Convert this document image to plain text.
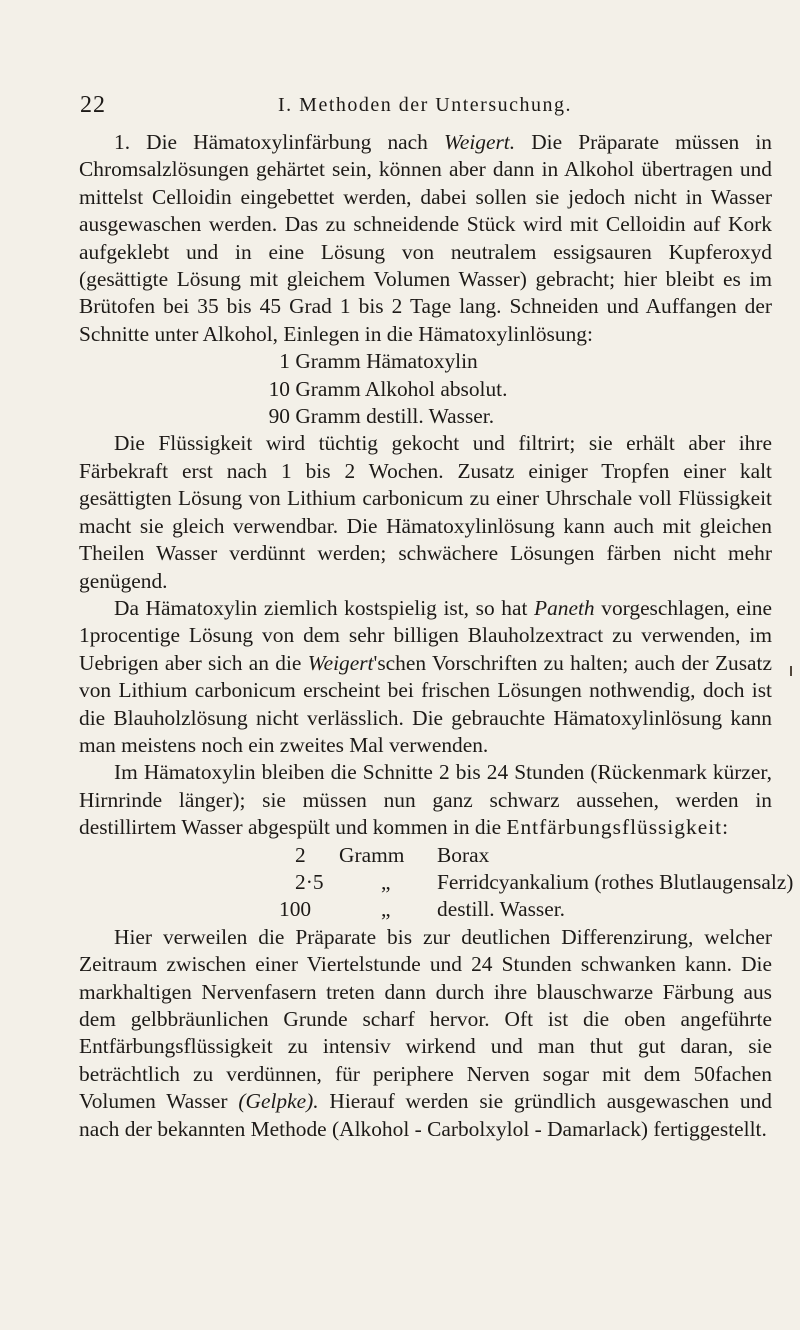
22	I. Methoden der Untersuchung.

1. Die Hämatoxylinfärbung nach Weigert. Die Präparate müssen in Chromsalzlösungen gehärtet sein, können aber dann in Alkohol übertragen und mittelst Celloidin eingebettet werden, dabei sollen sie jedoch nicht in Wasser ausgewaschen werden. Das zu schneidende Stück wird mit Celloidin auf Kork aufgeklebt und in eine Lösung von neutralem essigsauren Kupferoxyd (gesättigte Lösung mit gleichem Volumen Wasser) gebracht; hier bleibt es im Brütofen bei 35 bis 45 Grad 1 bis 2 Tage lang. Schneiden und Auffangen der Schnitte unter Alkohol, Einlegen in die Hämatoxylinlösung:

1 Gramm Hämatoxylin
10 Gramm Alkohol absolut.
90 Gramm destill. Wasser.

Die Flüssigkeit wird tüchtig gekocht und filtrirt; sie erhält aber ihre Färbekraft erst nach 1 bis 2 Wochen. Zusatz einiger Tropfen einer kalt gesättigten Lösung von Lithium carbonicum zu einer Uhrschale voll Flüssigkeit macht sie gleich verwendbar. Die Hämatoxylinlösung kann auch mit gleichen Theilen Wasser verdünnt werden; schwächere Lösungen färben nicht mehr genügend.

Da Hämatoxylin ziemlich kostspielig ist, so hat Paneth vorgeschlagen, eine 1procentige Lösung von dem sehr billigen Blauholzextract zu verwenden, im Uebrigen aber sich an die Weigert'schen Vorschriften zu halten; auch der Zusatz von Lithium carbonicum erscheint bei frischen Lösungen nothwendig, doch ist die Blauholzlösung nicht verlässlich. Die gebrauchte Hämatoxylinlösung kann man meistens noch ein zweites Mal verwenden.

Im Hämatoxylin bleiben die Schnitte 2 bis 24 Stunden (Rückenmark kürzer, Hirnrinde länger); sie müssen nun ganz schwarz aussehen, werden in destillirtem Wasser abgespült und kommen in die Entfärbungsflüssigkeit:

2 Gramm Borax
2·5	„ Ferridcyankalium (rothes Blutlaugensalz)
100	„ destill. Wasser.

Hier verweilen die Präparate bis zur deutlichen Differenzirung, welcher Zeitraum zwischen einer Viertelstunde und 24 Stunden schwanken kann. Die markhaltigen Nervenfasern treten dann durch ihre blauschwarze Färbung aus dem gelbbräunlichen Grunde scharf hervor. Oft ist die oben angeführte Entfärbungsflüssigkeit zu intensiv wirkend und man thut gut daran, sie beträchtlich zu verdünnen, für periphere Nerven sogar mit dem 50fachen Volumen Wasser (Gelpke). Hierauf werden sie gründlich ausgewaschen und nach der bekannten Methode (Alkohol - Carbolxylol - Damarlack) fertiggestellt.
